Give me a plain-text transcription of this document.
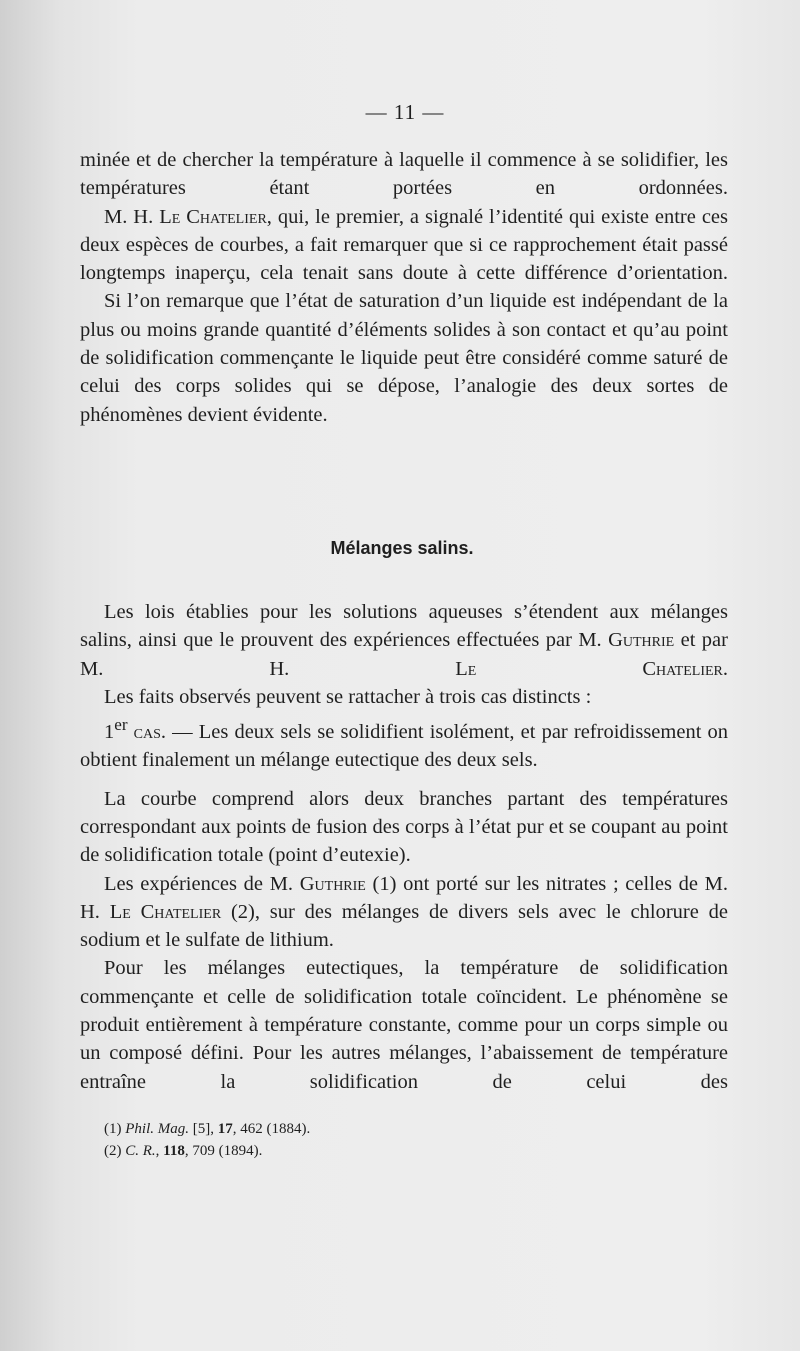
— 11 —

minée et de chercher la température à laquelle il commence à se solidifier, les températures étant portées en ordonnées.

M. H. Le Chatelier, qui, le premier, a signalé l’identité qui existe entre ces deux espèces de courbes, a fait remarquer que si ce rapprochement était passé longtemps inaperçu, cela tenait sans doute à cette différence d’orientation.

Si l’on remarque que l’état de saturation d’un liquide est indépendant de la plus ou moins grande quantité d’éléments solides à son contact et qu’au point de solidification commençante le liquide peut être considéré comme saturé de celui des corps solides qui se dépose, l’analogie des deux sortes de phénomènes devient évidente.

Mélanges salins.

Les lois établies pour les solutions aqueuses s’étendent aux mélanges salins, ainsi que le prouvent des expériences effectuées par M. Guthrie et par M. H. Le Chatelier.

Les faits observés peuvent se rattacher à trois cas distincts :

1er cas. — Les deux sels se solidifient isolément, et par refroidissement on obtient finalement un mélange eutectique des deux sels.

La courbe comprend alors deux branches partant des températures correspondant aux points de fusion des corps à l’état pur et se coupant au point de solidification totale (point d’eutexie).

Les expériences de M. Guthrie (1) ont porté sur les nitrates ; celles de M. H. Le Chatelier (2), sur des mélanges de divers sels avec le chlorure de sodium et le sulfate de lithium.

Pour les mélanges eutectiques, la température de solidification commençante et celle de solidification totale coïncident. Le phénomène se produit entièrement à température constante, comme pour un corps simple ou un composé défini. Pour les autres mélanges, l’abaissement de température entraîne la solidification de celui des

(1) Phil. Mag. [5], 17, 462 (1884).

(2) C. R., 118, 709 (1894).
